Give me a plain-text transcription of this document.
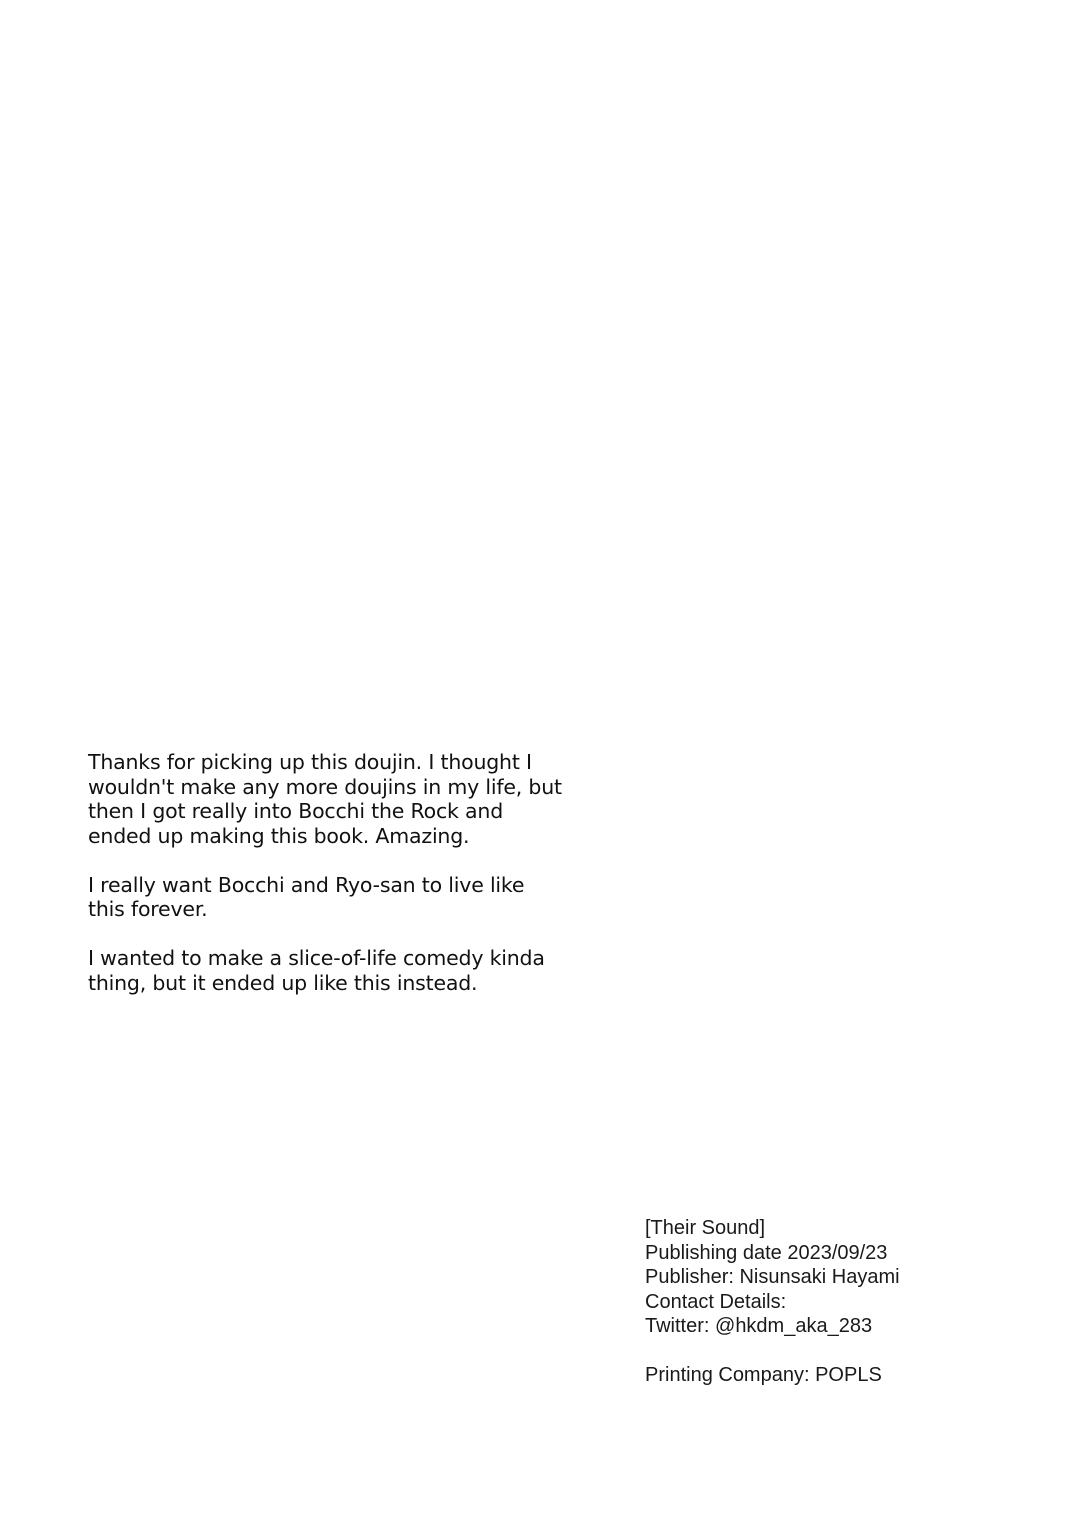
Thanks for picking up this doujin. I thought I
wouldn't make any more doujins in my life, but
then I got really into Bocchi the Rock and
ended up making this book. Amazing.

I really want Bocchi and Ryo-san to live like
this forever.

I wanted to make a slice-of-life comedy kinda
thing, but it ended up like this instead.

[Their Sound]
Publishing date 2023/09/23
Publisher: Nisunsaki Hayami
Contact Details:
Twitter: @hkdm_aka_283
Printing Company: POPLS
